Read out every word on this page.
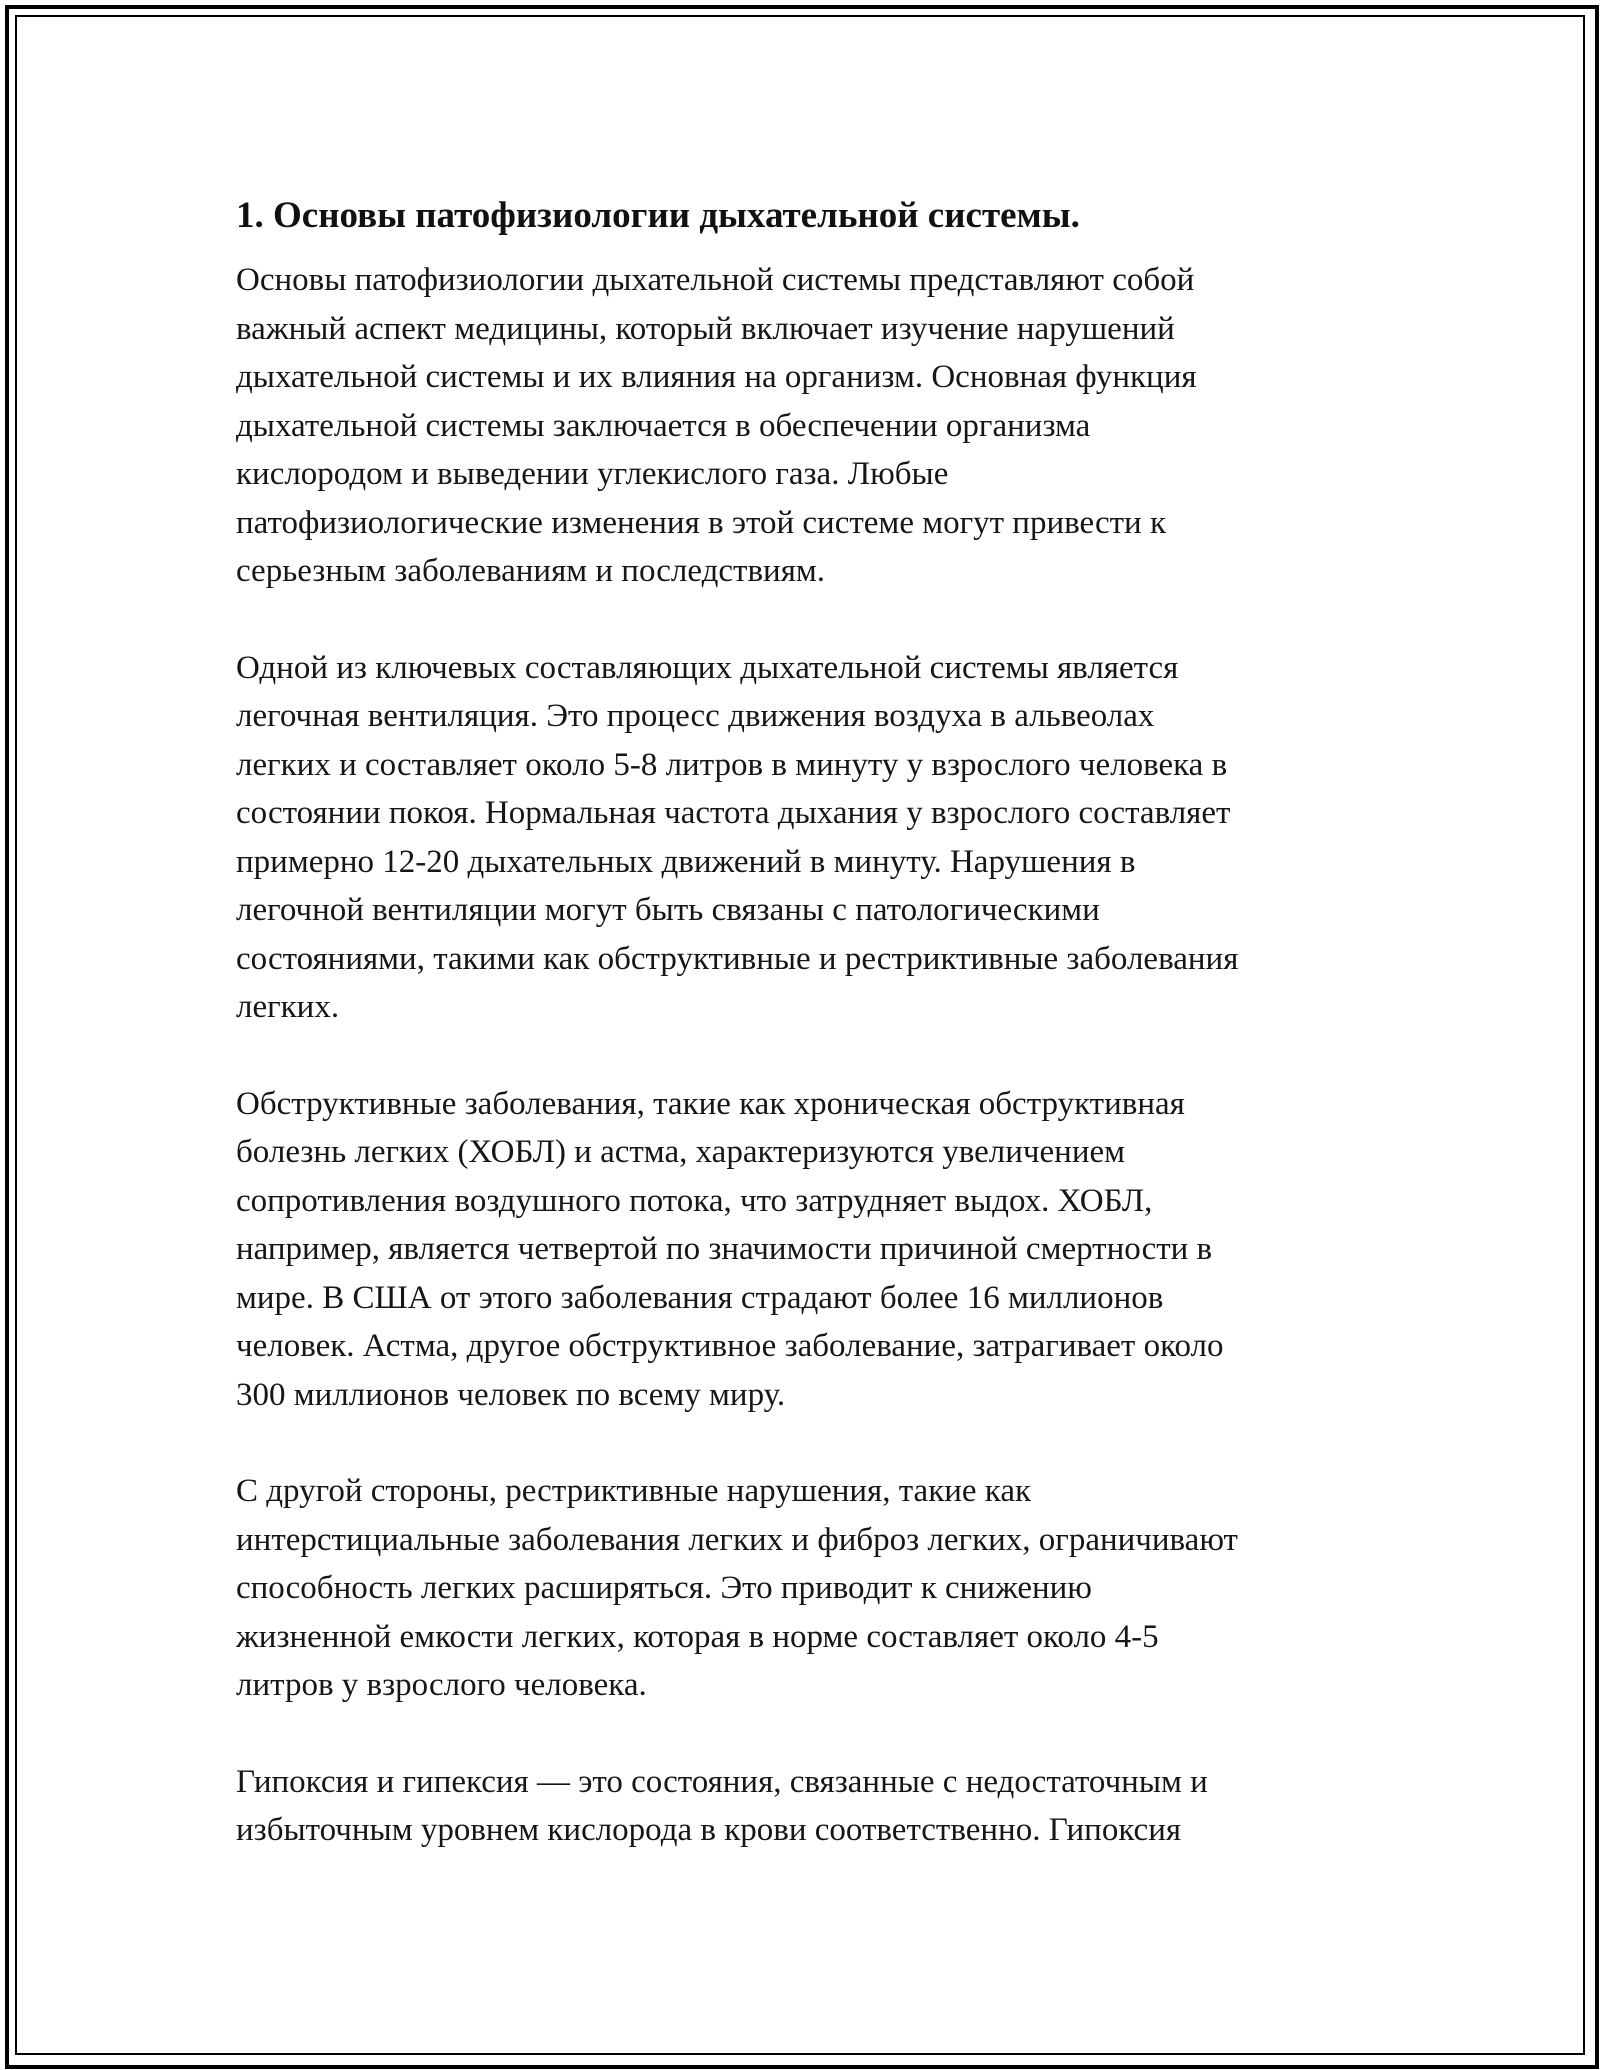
1. Основы патофизиологии дыхательной системы.

Основы патофизиологии дыхательной системы представляют собой
важный аспект медицины, который включает изучение нарушений
дыхательной системы и их влияния на организм. Основная функция
дыхательной системы заключается в обеспечении организма
кислородом и выведении углекислого газа. Любые
патофизиологические изменения в этой системе могут привести к
серьезным заболеваниям и последствиям.

Одной из ключевых составляющих дыхательной системы является
легочная вентиляция. Это процесс движения воздуха в альвеолах
легких и составляет около 5-8 литров в минуту у взрослого человека в
состоянии покоя. Нормальная частота дыхания у взрослого составляет
примерно 12-20 дыхательных движений в минуту. Нарушения в
легочной вентиляции могут быть связаны с патологическими
состояниями, такими как обструктивные и рестриктивные заболевания
легких.

Обструктивные заболевания, такие как хроническая обструктивная
болезнь легких (ХОБЛ) и астма, характеризуются увеличением
сопротивления воздушного потока, что затрудняет выдох. ХОБЛ,
например, является четвертой по значимости причиной смертности в
мире. В США от этого заболевания страдают более 16 миллионов
человек. Астма, другое обструктивное заболевание, затрагивает около
300 миллионов человек по всему миру.

С другой стороны, рестриктивные нарушения, такие как
интерстициальные заболевания легких и фиброз легких, ограничивают
способность легких расширяться. Это приводит к снижению
жизненной емкости легких, которая в норме составляет около 4-5
литров у взрослого человека.

Гипоксия и гипексия — это состояния, связанные с недостаточным и
избыточным уровнем кислорода в крови соответственно. Гипоксия
